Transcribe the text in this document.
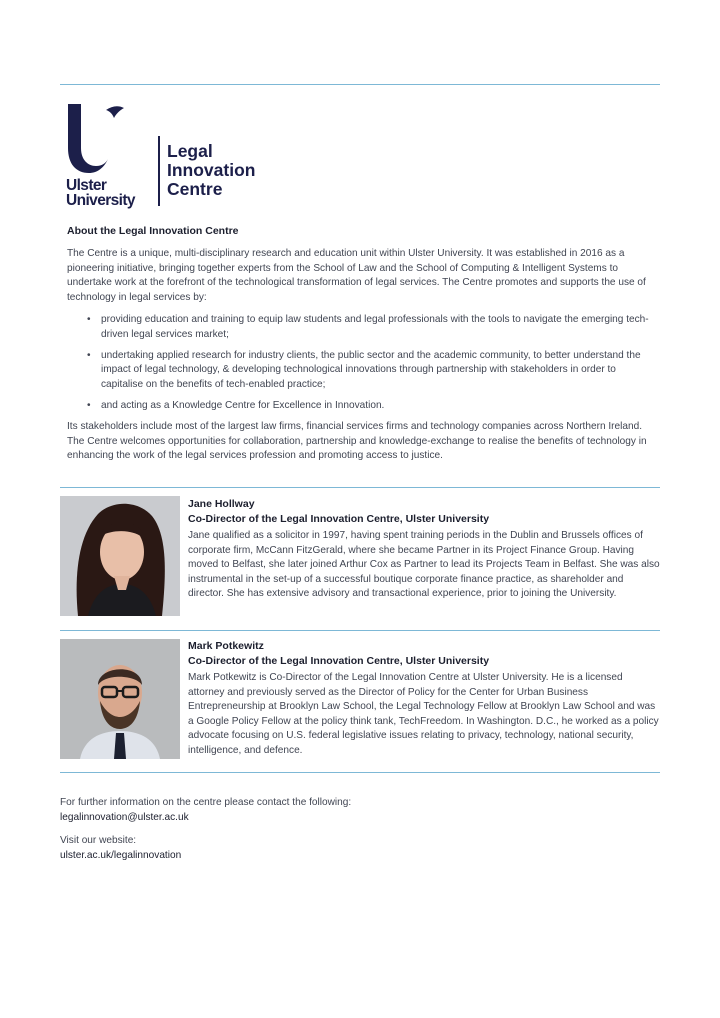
Ulster
University
Legal
Innovation
Centre
About the Legal Innovation Centre

The Centre is a unique, multi-disciplinary research and education unit within Ulster University. It was established in 2016 as a pioneering initiative, bringing together experts from the School of Law and the School of Computing & Intelligent Systems to undertake work at the forefront of the technological transformation of legal services. The Centre promotes and supports the use of technology in legal services by:

• providing education and training to equip law students and legal professionals with the tools to navigate the emerging tech-driven legal services market;
• undertaking applied research for industry clients, the public sector and the academic community, to better understand the impact of legal technology, & developing technological innovations through partnership with stakeholders in order to capitalise on the benefits of tech-enabled practice;
• and acting as a Knowledge Centre for Excellence in Innovation.

Its stakeholders include most of the largest law firms, financial services firms and technology companies across Northern Ireland. The Centre welcomes opportunities for collaboration, partnership and knowledge-exchange to realise the benefits of technology in enhancing the work of the legal services profession and promoting access to justice.

Jane Hollway
Co-Director of the Legal Innovation Centre, Ulster University
Jane qualified as a solicitor in 1997, having spent training periods in the Dublin and Brussels offices of corporate firm, McCann FitzGerald, where she became Partner in its Project Finance Group. Having moved to Belfast, she later joined Arthur Cox as Partner to lead its Projects Team in Belfast. She was also instrumental in the set-up of a successful boutique corporate finance practice, as shareholder and director. She has extensive advisory and transactional experience, prior to joining the University.
Mark Potkewitz
Co-Director of the Legal Innovation Centre, Ulster University
Mark Potkewitz is Co-Director of the Legal Innovation Centre at Ulster University. He is a licensed attorney and previously served as the Director of Policy for the Center for Urban Business Entrepreneurship at Brooklyn Law School, the Legal Technology Fellow at Brooklyn Law School and was a Google Policy Fellow at the policy think tank, TechFreedom. In Washington. D.C., he worked as a policy advocate focusing on U.S. federal legislative issues relating to privacy, technology, national security, intelligence, and defence.
For further information on the centre please contact the following:
legalinnovation@ulster.ac.uk
Visit our website:
ulster.ac.uk/legalinnovation
